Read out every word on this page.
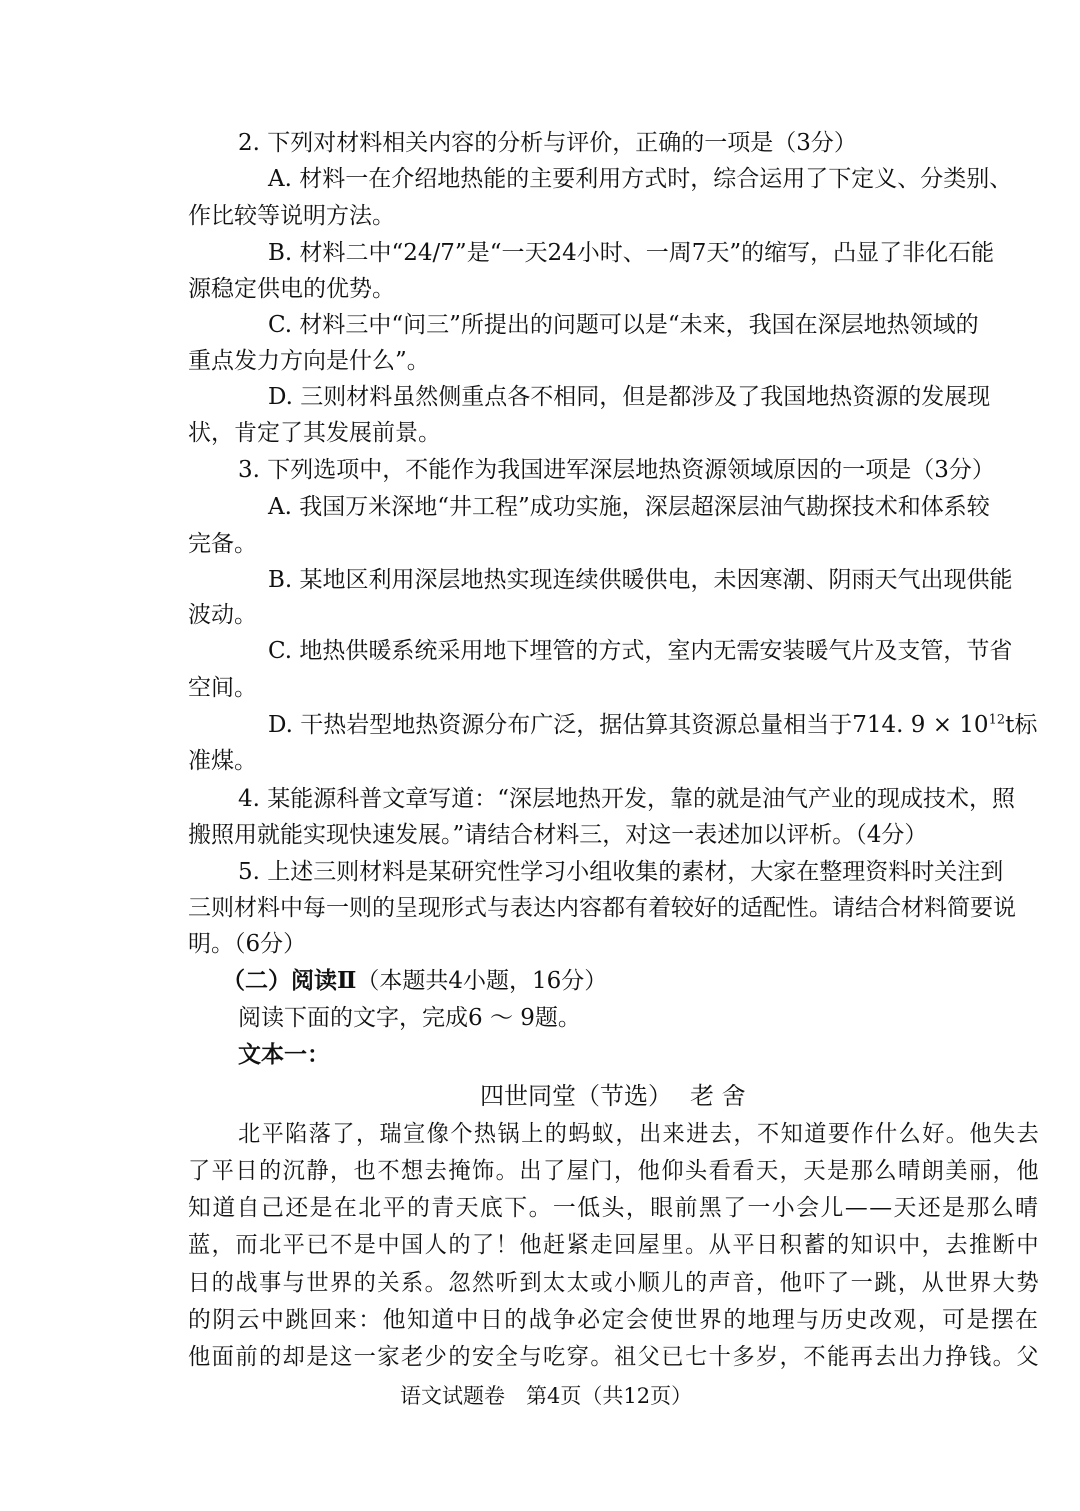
2. 下列对材料相关内容的分析与评价，正确的一项是（3分）
A. 材料一在介绍地热能的主要利用方式时，综合运用了下定义、分类别、
作比较等说明方法。
B. 材料二中“24/7”是“一天24小时、一周7天”的缩写，凸显了非化石能
源稳定供电的优势。
C. 材料三中“问三”所提出的问题可以是“未来，我国在深层地热领域的
重点发力方向是什么”。
D. 三则材料虽然侧重点各不相同，但是都涉及了我国地热资源的发展现
状，肯定了其发展前景。
3. 下列选项中，不能作为我国进军深层地热资源领域原因的一项是（3分）
A. 我国万米深地“井工程”成功实施，深层超深层油气勘探技术和体系较
完备。
B. 某地区利用深层地热实现连续供暖供电，未因寒潮、阴雨天气出现供能
波动。
C. 地热供暖系统采用地下埋管的方式，室内无需安装暖气片及支管，节省
空间。
D. 干热岩型地热资源分布广泛，据估算其资源总量相当于714. $9 \times 10^{12}t$标
准煤。
4. 某能源科普文章写道：“深层地热开发，靠的就是油气产业的现成技术，照
搬照用就能实现快速发展。”请结合材料三，对这一表述加以评析。（4分）
5. 上述三则材料是某研究性学习小组收集的素材，大家在整理资料时关注到
三则材料中每一则的呈现形式与表达内容都有着较好的适配性。请结合材料简要说
明。（6分）
（二）阅读Ⅱ（本题共4小题，16分）
阅读下面的文字，完成6 ～ 9题。
文本一：
四世同堂（节选） 老 舍
北平陷落了，瑞宣像个热锅上的蚂蚁，出来进去，不知道要作什么好。他失去
了平日的沉静，也不想去掩饰。出了屋门，他仰头看看天，天是那么晴朗美丽，他
知道自己还是在北平的青天底下。一低头，眼前黑了一小会儿——天还是那么晴
蓝，而北平已不是中国人的了！他赶紧走回屋里。从平日积蓄的知识中，去推断中
日的战事与世界的关系。忽然听到太太或小顺儿的声音，他吓了一跳，从世界大势
的阴云中跳回来：他知道中日的战争必定会使世界的地理与历史改观，可是摆在
他面前的却是这一家老少的安全与吃穿。祖父已七十多岁，不能再去出力挣钱。父
语文试题卷　第4页（共12页）
